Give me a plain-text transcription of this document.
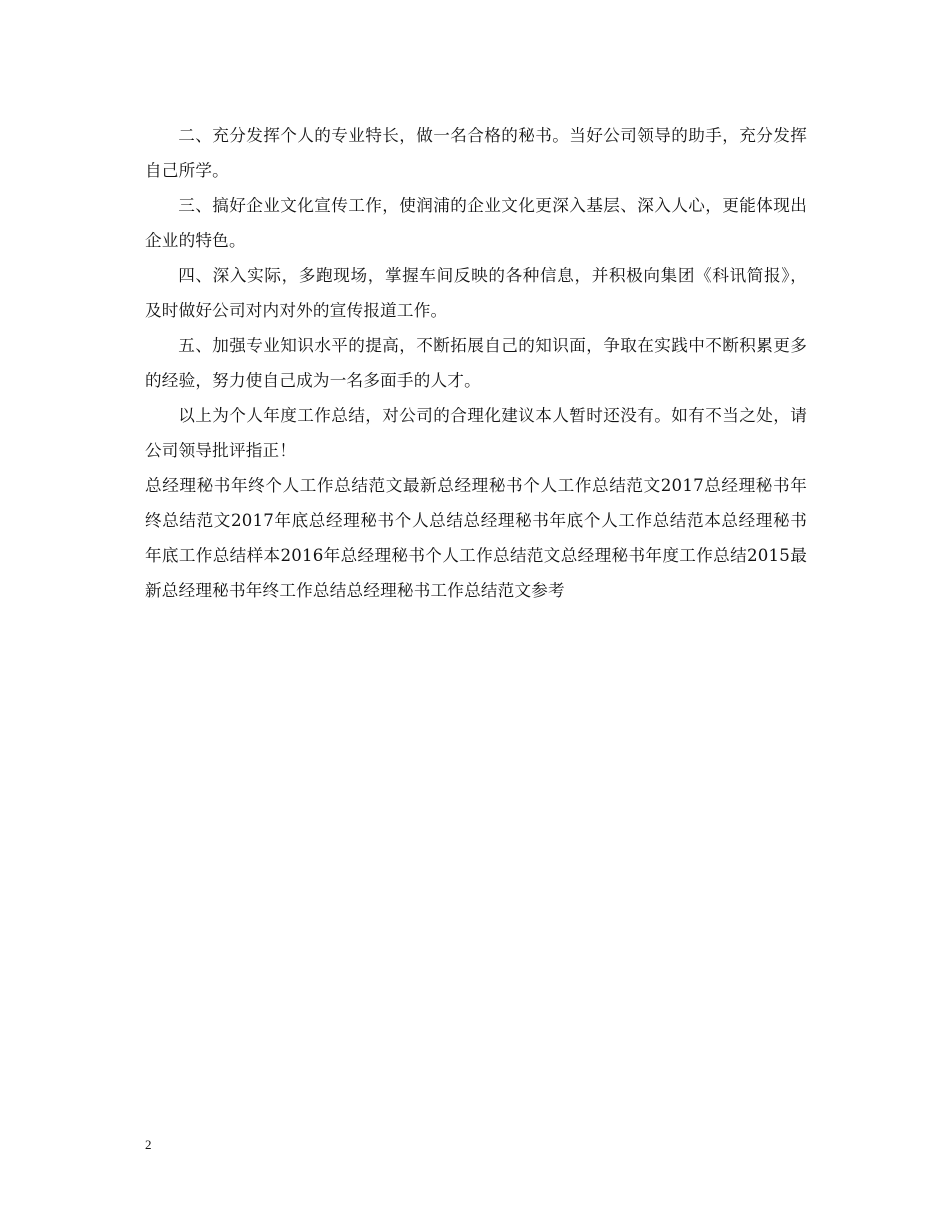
二、充分发挥个人的专业特长，做一名合格的秘书。当好公司领导的助手，充分发挥自己所学。

三、搞好企业文化宣传工作，使润浦的企业文化更深入基层、深入人心，更能体现出企业的特色。

四、深入实际，多跑现场，掌握车间反映的各种信息，并积极向集团《科讯简报》，及时做好公司对内对外的宣传报道工作。

五、加强专业知识水平的提高，不断拓展自己的知识面，争取在实践中不断积累更多的经验，努力使自己成为一名多面手的人才。

以上为个人年度工作总结，对公司的合理化建议本人暂时还没有。如有不当之处，请公司领导批评指正！

总经理秘书年终个人工作总结范文最新总经理秘书个人工作总结范文2017总经理秘书年终总结范文2017年底总经理秘书个人总结总经理秘书年底个人工作总结范本总经理秘书年底工作总结样本2016年总经理秘书个人工作总结范文总经理秘书年度工作总结2015最新总经理秘书年终工作总结总经理秘书工作总结范文参考

2
